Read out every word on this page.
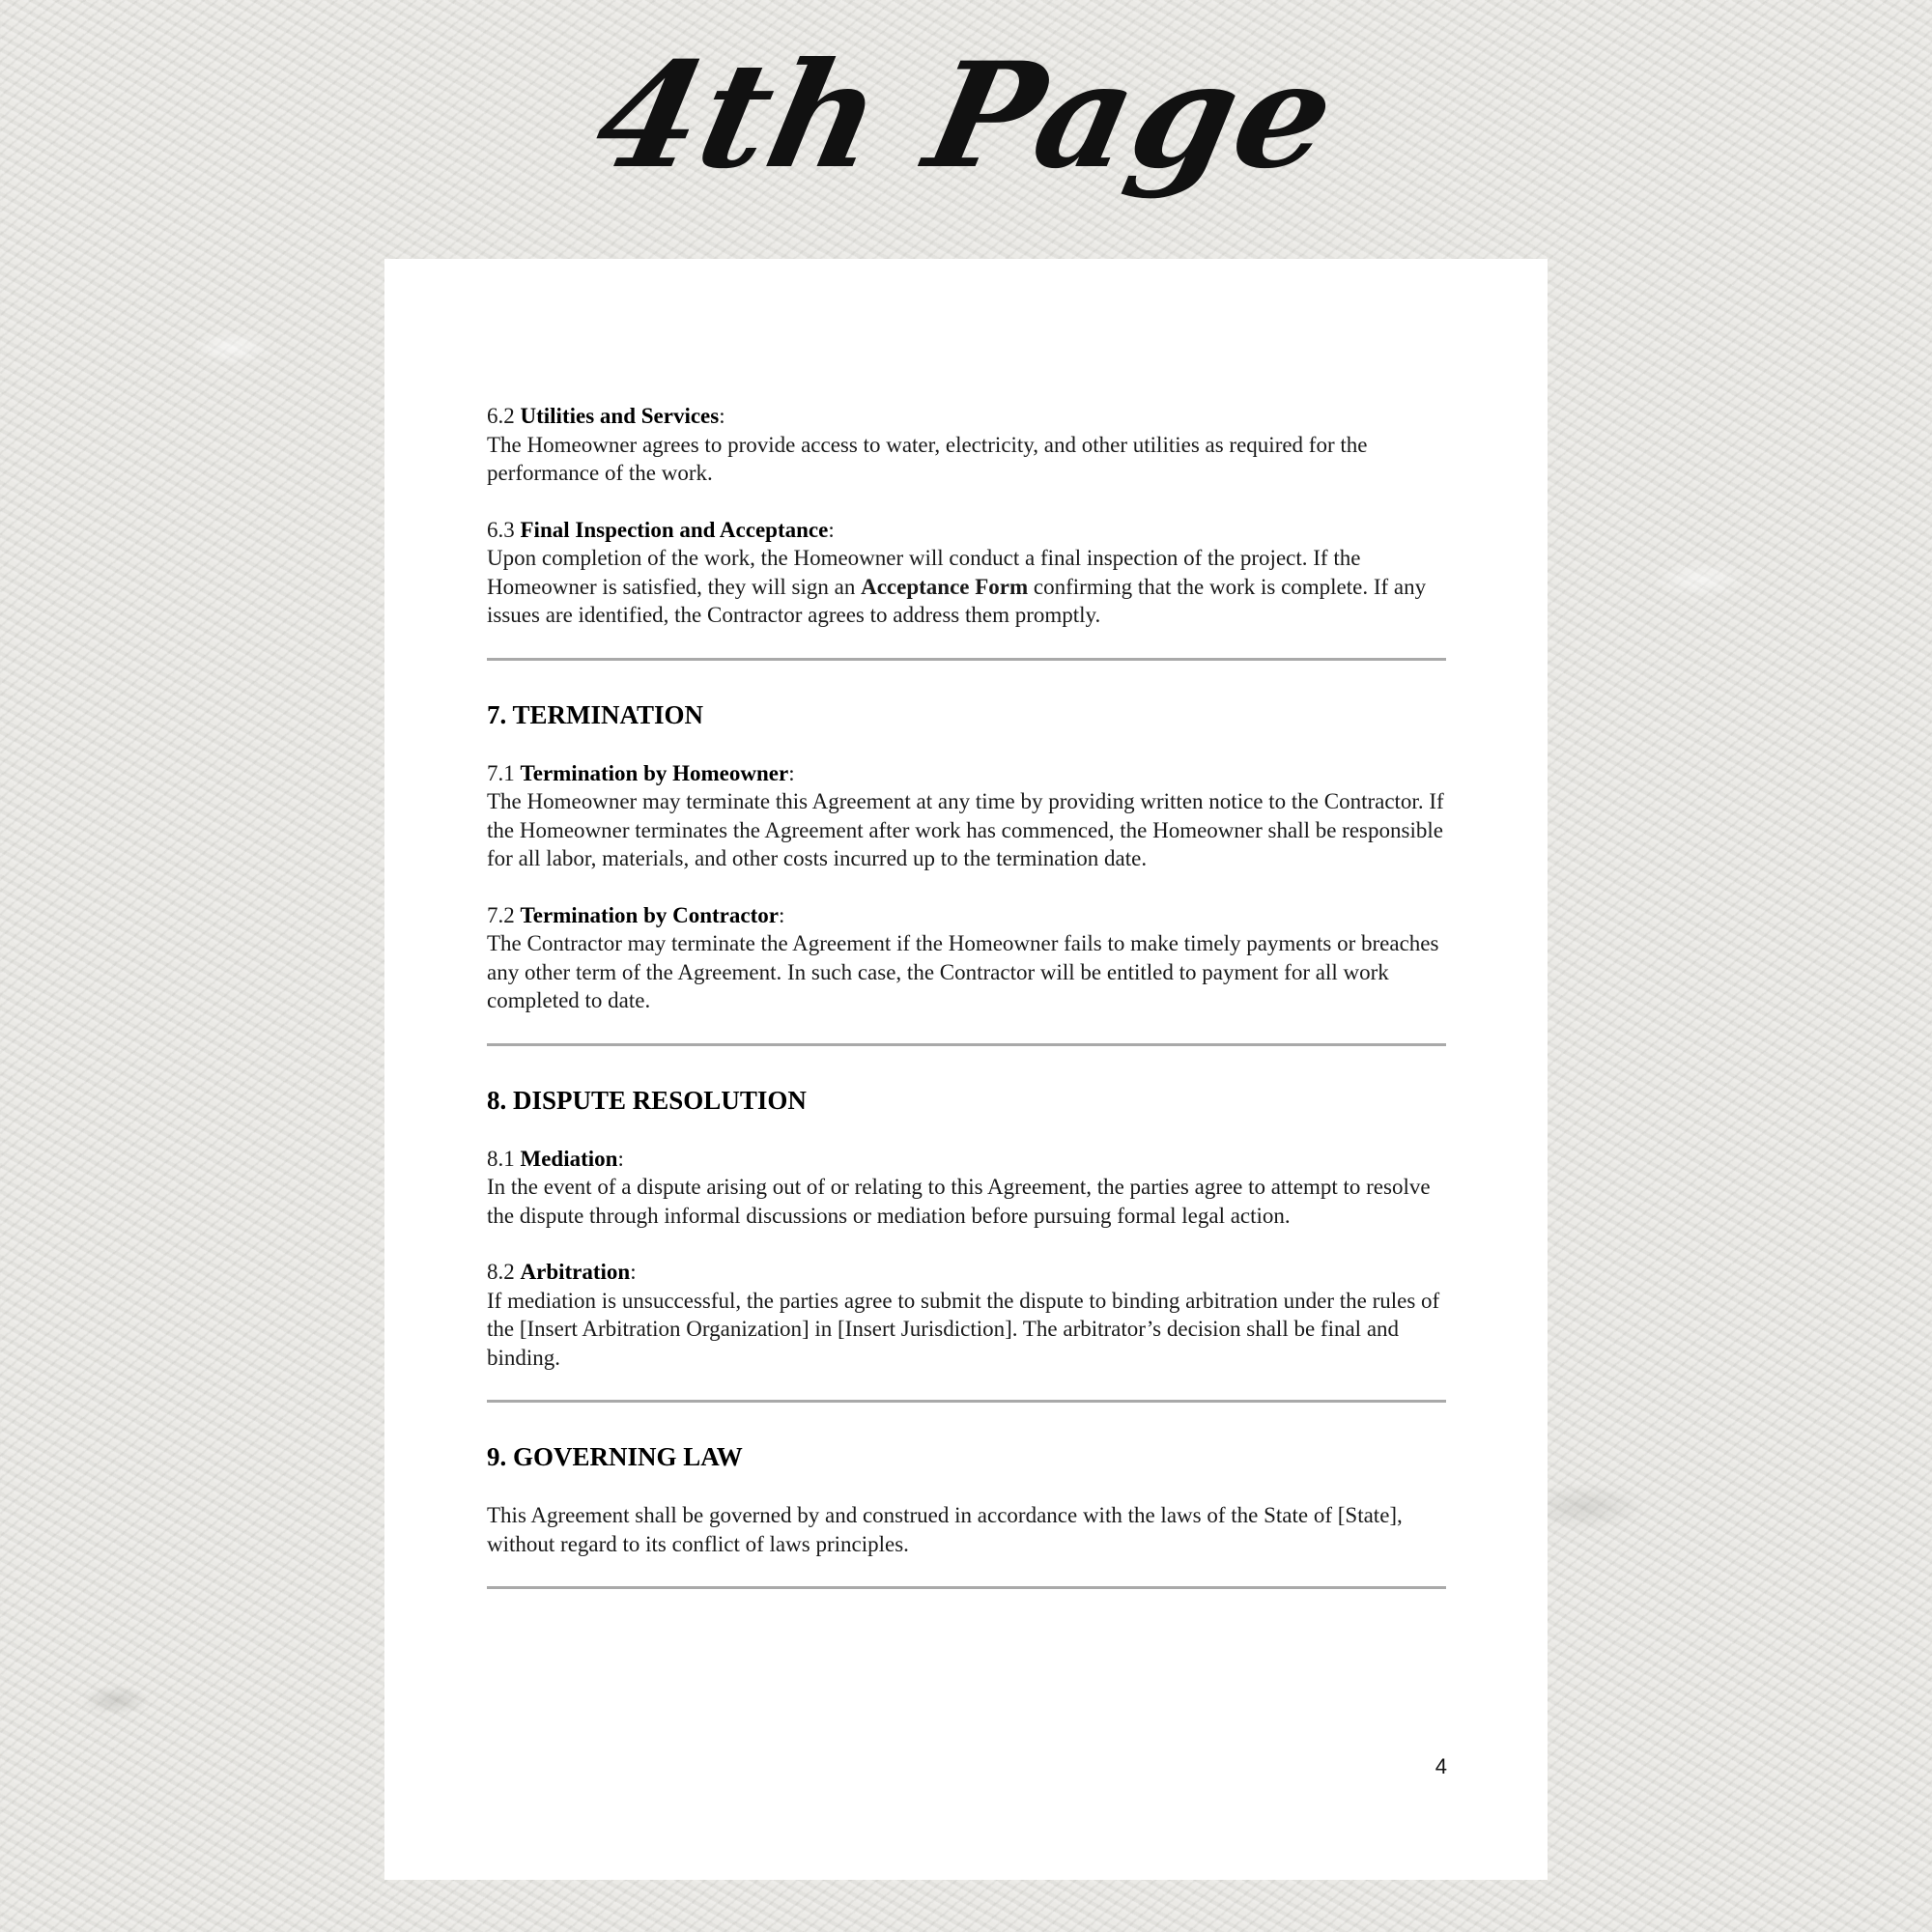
4th Page
6.2 Utilities and Services:
The Homeowner agrees to provide access to water, electricity, and other utilities as required for the performance of the work.
6.3 Final Inspection and Acceptance:
Upon completion of the work, the Homeowner will conduct a final inspection of the project. If the Homeowner is satisfied, they will sign an Acceptance Form confirming that the work is complete. If any issues are identified, the Contractor agrees to address them promptly.
7. TERMINATION
7.1 Termination by Homeowner:
The Homeowner may terminate this Agreement at any time by providing written notice to the Contractor. If the Homeowner terminates the Agreement after work has commenced, the Homeowner shall be responsible for all labor, materials, and other costs incurred up to the termination date.
7.2 Termination by Contractor:
The Contractor may terminate the Agreement if the Homeowner fails to make timely payments or breaches any other term of the Agreement. In such case, the Contractor will be entitled to payment for all work completed to date.
8. DISPUTE RESOLUTION
8.1 Mediation:
In the event of a dispute arising out of or relating to this Agreement, the parties agree to attempt to resolve the dispute through informal discussions or mediation before pursuing formal legal action.
8.2 Arbitration:
If mediation is unsuccessful, the parties agree to submit the dispute to binding arbitration under the rules of the [Insert Arbitration Organization] in [Insert Jurisdiction]. The arbitrator’s decision shall be final and binding.
9. GOVERNING LAW
This Agreement shall be governed by and construed in accordance with the laws of the State of [State], without regard to its conflict of laws principles.
4
